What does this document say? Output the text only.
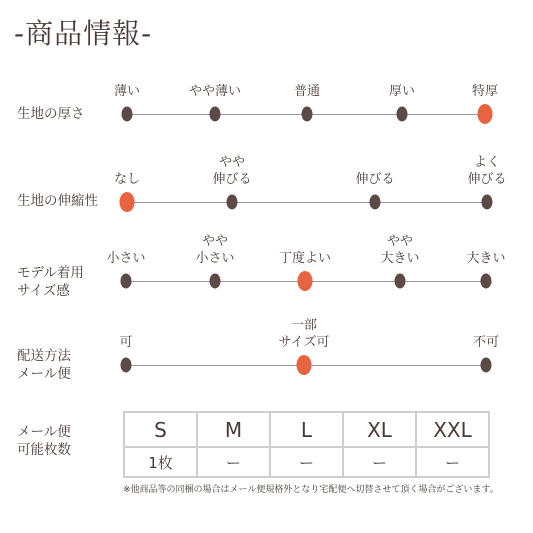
-商品情報-
生地の厚さ
生地の伸縮性
モデル着用
サイズ感
配送方法
メール便
メール便
可能枚数
S	M	L	XL	XXL
1枚	ー	ー	ー	ー
※他商品等の同梱の場合はメール便規格外となり宅配便へ切替させて頂く場合がございます。
薄い	やや薄い	普通	厚い	特厚
なし
やや
伸びる	伸びる
よく
伸びる
小さい
やや
小さい	丁度よい
やや
大きい	大きい
可
一部
サイズ可	不可
